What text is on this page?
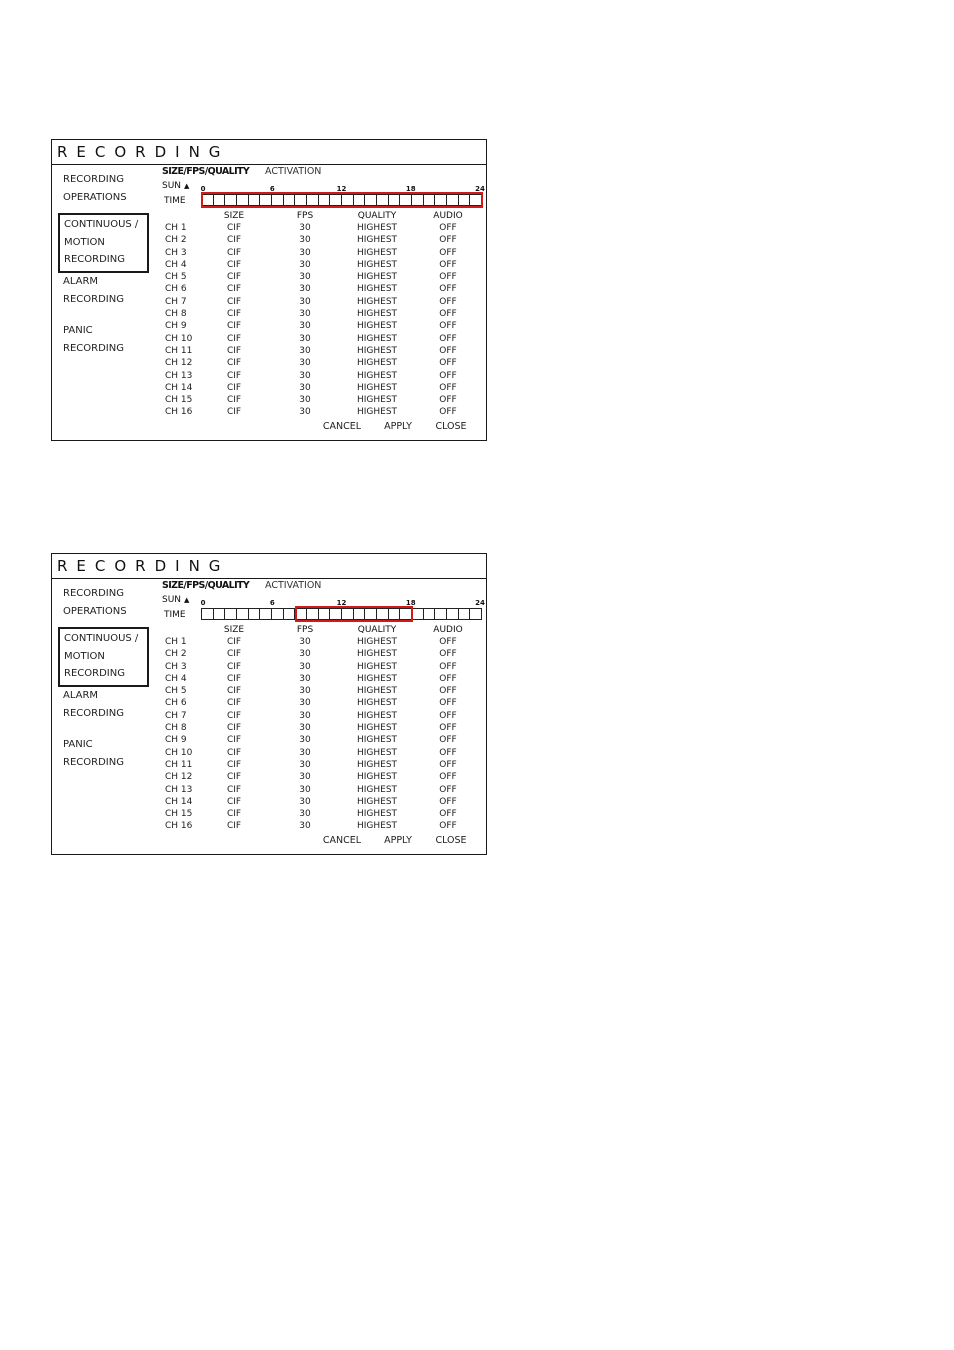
RECORDING
RECORDING
OPERATIONS
CONTINUOUS /
MOTION
RECORDING
ALARM
RECORDING
PANIC
RECORDING
SIZE/FPS/QUALITY ACTIVATION
SUN ▲

TIME
0	6	12	18	24
SIZE	FPS	QUALITY	AUDIO
CH 1	CIF	30	HIGHEST	OFF
CH 2	CIF	30	HIGHEST	OFF
CH 3	CIF	30	HIGHEST	OFF
CH 4	CIF	30	HIGHEST	OFF
CH 5	CIF	30	HIGHEST	OFF
CH 6	CIF	30	HIGHEST	OFF
CH 7	CIF	30	HIGHEST	OFF
CH 8	CIF	30	HIGHEST	OFF
CH 9	CIF	30	HIGHEST	OFF
CH 10	CIF	30	HIGHEST	OFF
CH 11	CIF	30	HIGHEST	OFF
CH 12	CIF	30	HIGHEST	OFF
CH 13	CIF	30	HIGHEST	OFF
CH 14	CIF	30	HIGHEST	OFF
CH 15	CIF	30	HIGHEST	OFF
CH 16	CIF	30	HIGHEST	OFF
CANCEL APPLY CLOSE
RECORDING
RECORDING
OPERATIONS
CONTINUOUS /
MOTION
RECORDING
ALARM
RECORDING
PANIC
RECORDING
SIZE/FPS/QUALITY ACTIVATION
SUN ▲

TIME
0	6	12	18	24
SIZE	FPS	QUALITY	AUDIO
CH 1	CIF	30	HIGHEST	OFF
CH 2	CIF	30	HIGHEST	OFF
CH 3	CIF	30	HIGHEST	OFF
CH 4	CIF	30	HIGHEST	OFF
CH 5	CIF	30	HIGHEST	OFF
CH 6	CIF	30	HIGHEST	OFF
CH 7	CIF	30	HIGHEST	OFF
CH 8	CIF	30	HIGHEST	OFF
CH 9	CIF	30	HIGHEST	OFF
CH 10	CIF	30	HIGHEST	OFF
CH 11	CIF	30	HIGHEST	OFF
CH 12	CIF	30	HIGHEST	OFF
CH 13	CIF	30	HIGHEST	OFF
CH 14	CIF	30	HIGHEST	OFF
CH 15	CIF	30	HIGHEST	OFF
CH 16	CIF	30	HIGHEST	OFF
CANCEL APPLY CLOSE
